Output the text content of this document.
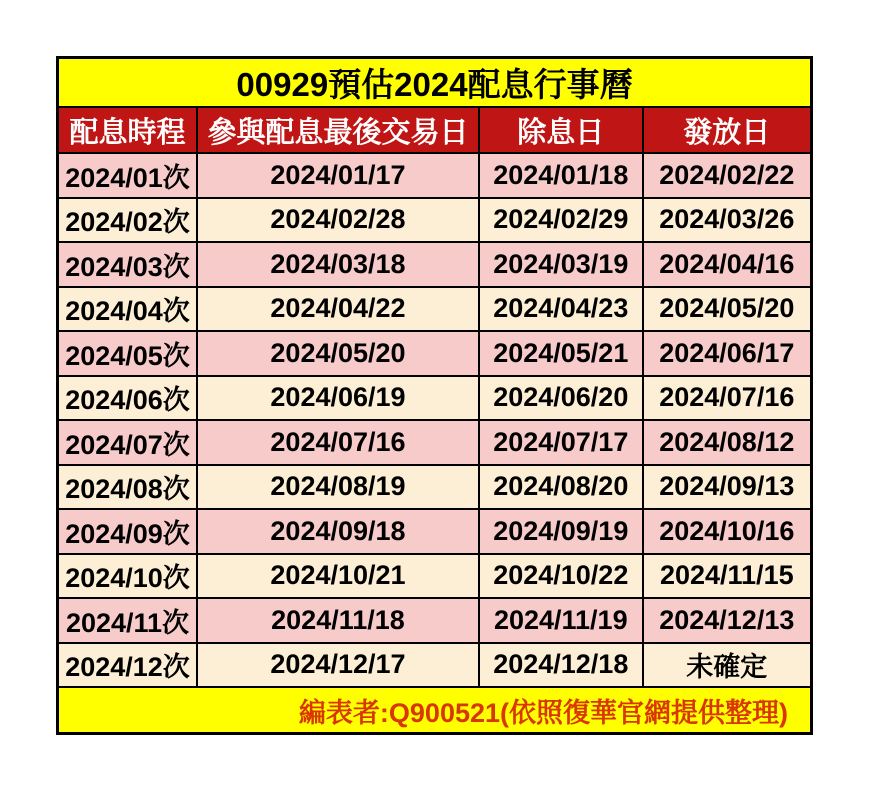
00929預估2024配息行事曆			
配息時程	參與配息最後交易日	除息日	發放日
2024/01次	2024/01/17	2024/01/18	2024/02/22
2024/02次	2024/02/28	2024/02/29	2024/03/26
2024/03次	2024/03/18	2024/03/19	2024/04/16
2024/04次	2024/04/22	2024/04/23	2024/05/20
2024/05次	2024/05/20	2024/05/21	2024/06/17
2024/06次	2024/06/19	2024/06/20	2024/07/16
2024/07次	2024/07/16	2024/07/17	2024/08/12
2024/08次	2024/08/19	2024/08/20	2024/09/13
2024/09次	2024/09/18	2024/09/19	2024/10/16
2024/10次	2024/10/21	2024/10/22	2024/11/15
2024/11次	2024/11/18	2024/11/19	2024/12/13
2024/12次	2024/12/17	2024/12/18	未確定
編表者:Q900521(依照復華官網提供整理)			
